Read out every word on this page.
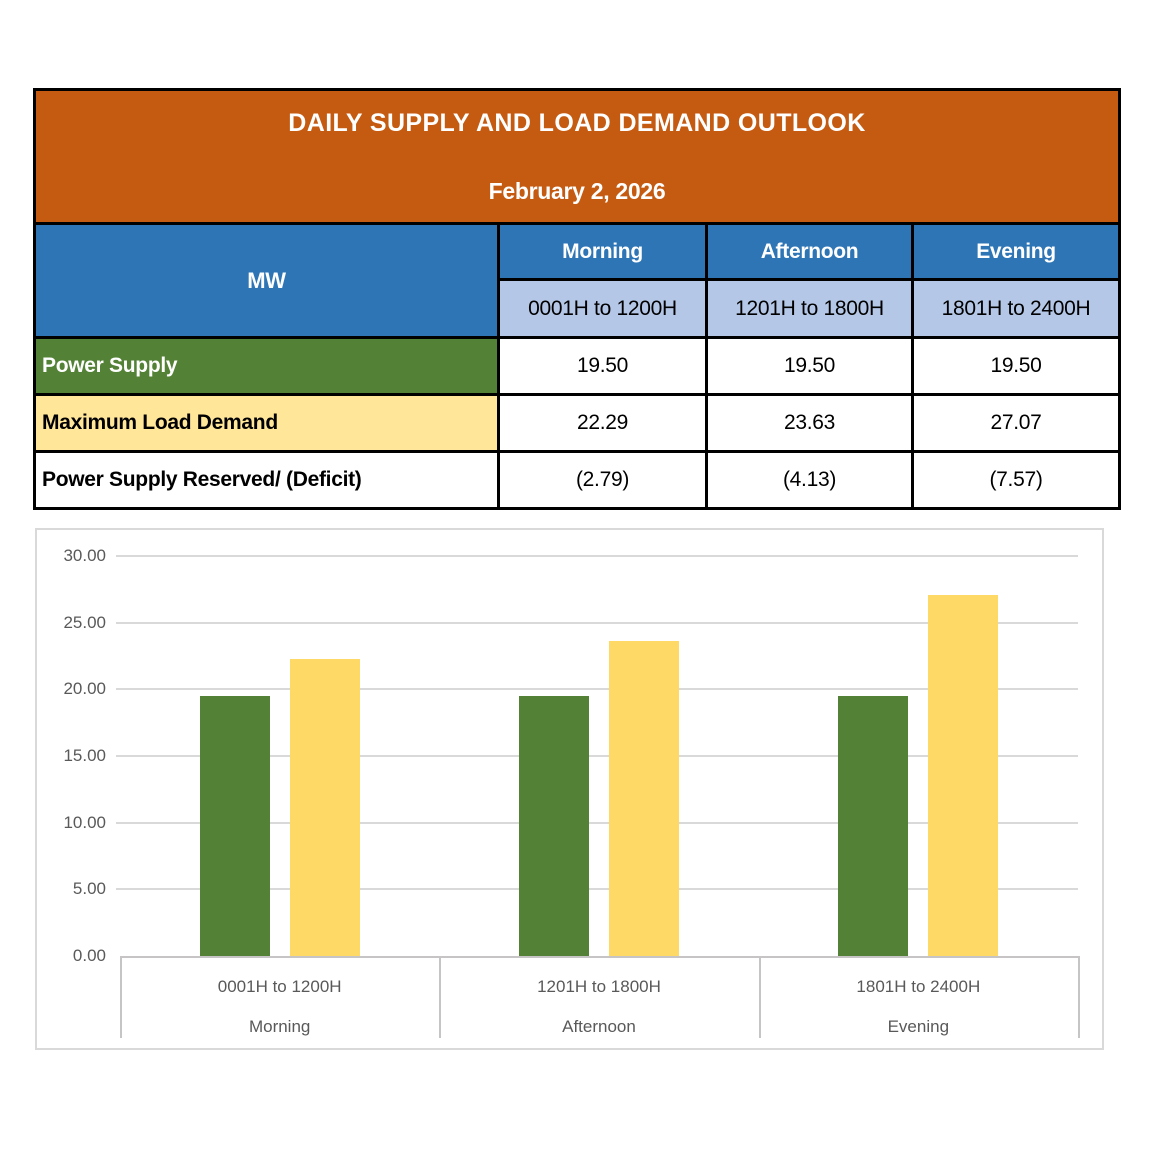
DAILY SUPPLY AND LOAD DEMAND OUTLOOK
February 2, 2026			

MW	Morning	Afternoon	Evening
	0001H to 1200H	1201H to 1800H	1801H to 2400H
Power Supply	19.50	19.50	19.50
Maximum Load Demand	22.29	23.63	27.07
Power Supply Reserved/ (Deficit)	(2.79)	(4.13)	(7.57)
0.00
5.00
10.00
15.00
20.00
25.00
30.00
0001H to 1200H
Morning
1201H to 1800H
Afternoon
1801H to 2400H
Evening
